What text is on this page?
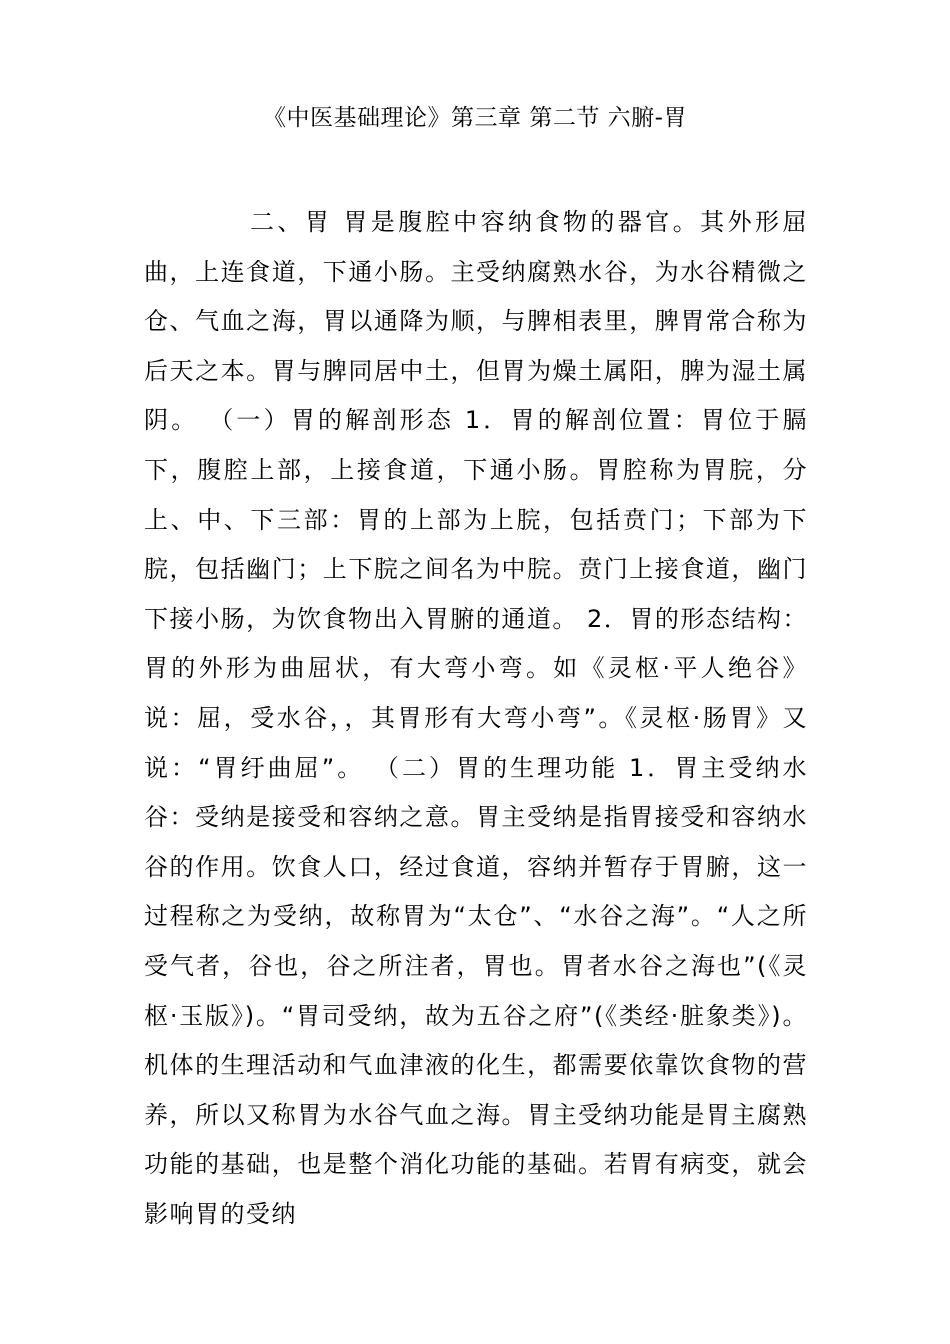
《中医基础理论》第三章 第二节 六腑-胃

二、胃 胃是腹腔中容纳食物的器官。其外形屈曲，上连食道，下通小肠。主受纳腐熟水谷，为水谷精微之仓、气血之海，胃以通降为顺，与脾相表里，脾胃常合称为后天之本。胃与脾同居中土，但胃为燥土属阳，脾为湿土属阴。 （一）胃的解剖形态 1．胃的解剖位置：胃位于膈下，腹腔上部，上接食道，下通小肠。胃腔称为胃脘，分上、中、下三部：胃的上部为上脘，包括贲门；下部为下脘，包括幽门；上下脘之间名为中脘。贲门上接食道，幽门下接小肠，为饮食物出入胃腑的通道。 2．胃的形态结构：胃的外形为曲屈状，有大弯小弯。如《灵枢·平人绝谷》说：屈，受水谷，，其胃形有大弯小弯”。《灵枢·肠胃》又说：“胃纡曲屈”。 （二）胃的生理功能 1．胃主受纳水谷：受纳是接受和容纳之意。胃主受纳是指胃接受和容纳水谷的作用。饮食人口，经过食道，容纳并暂存于胃腑，这一过程称之为受纳，故称胃为“太仓”、“水谷之海”。“人之所受气者，谷也，谷之所注者，胃也。胃者水谷之海也”(《灵枢·玉版》)。“胃司受纳，故为五谷之府”(《类经·脏象类》)。机体的生理活动和气血津液的化生，都需要依靠饮食物的营养，所以又称胃为水谷气血之海。胃主受纳功能是胃主腐熟功能的基础，也是整个消化功能的基础。若胃有病变，就会影响胃的受纳
